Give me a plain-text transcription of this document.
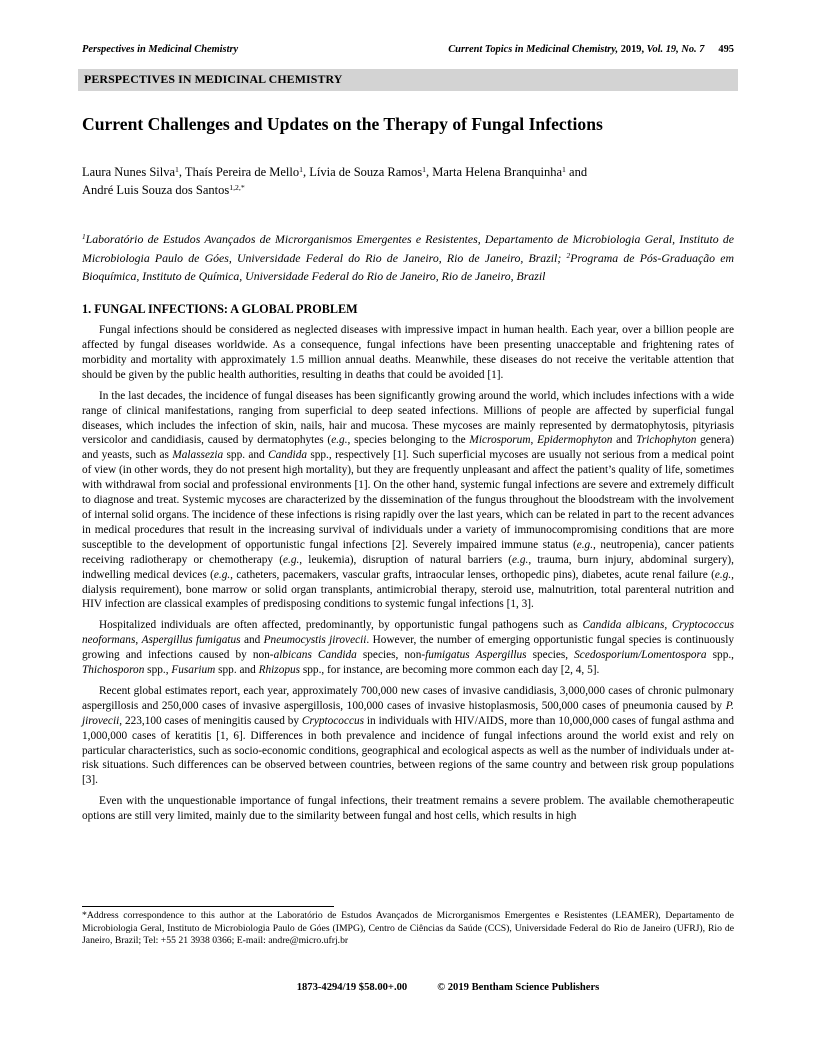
Perspectives in Medicinal Chemistry	Current Topics in Medicinal Chemistry, 2019, Vol. 19, No. 7 495
PERSPECTIVES IN MEDICINAL CHEMISTRY
Current Challenges and Updates on the Therapy of Fungal Infections

Laura Nunes Silva$^1$, Thaís Pereira de Mello$^1$, Lívia de Souza Ramos$^1$, Marta Helena Branquinha$^1$ and
André Luis Souza dos Santos$^{1,2,*}$

$^1$Laboratório de Estudos Avançados de Microrganismos Emergentes e Resistentes, Departamento de Microbiologia Geral, Instituto de Microbiologia Paulo de Góes, Universidade Federal do Rio de Janeiro, Rio de Janeiro, Brazil; $^2$Programa de Pós-Graduação em Bioquímica, Instituto de Química, Universidade Federal do Rio de Janeiro, Rio de Janeiro, Brazil

1. FUNGAL INFECTIONS: A GLOBAL PROBLEM

Fungal infections should be considered as neglected diseases with impressive impact in human health. Each year, over a billion people are affected by fungal diseases worldwide. As a consequence, fungal infections have been presenting unacceptable and frightening rates of morbidity and mortality with approximately 1.5 million annual deaths. Meanwhile, these diseases do not receive the veritable attention that should be given by the public health authorities, resulting in deaths that could be avoided [1].

In the last decades, the incidence of fungal diseases has been significantly growing around the world, which includes infections with a wide range of clinical manifestations, ranging from superficial to deep seated infections. Millions of people are affected by superficial fungal diseases, which includes the infection of skin, nails, hair and mucosa. These mycoses are mainly represented by dermatophytosis, pityriasis versicolor and candidiasis, caused by dermatophytes (e.g., species belonging to the Microsporum, Epidermophyton and Trichophyton genera) and yeasts, such as Malassezia spp. and Candida spp., respectively [1]. Such superficial mycoses are usually not serious from a medical point of view (in other words, they do not present high mortality), but they are frequently unpleasant and affect the patient’s quality of life, sometimes with withdrawal from social and professional environments [1]. On the other hand, systemic fungal infections are severe and extremely difficult to diagnose and treat. Systemic mycoses are characterized by the dissemination of the fungus throughout the bloodstream with the involvement of internal solid organs. The incidence of these infections is rising rapidly over the last years, which can be related in part to the recent advances in medical procedures that result in the increasing survival of individuals under a variety of immunocompromising conditions that are more susceptible to the development of opportunistic fungal infections [2]. Severely impaired immune status (e.g., neutropenia), cancer patients receiving radiotherapy or chemotherapy (e.g., leukemia), disruption of natural barriers (e.g., trauma, burn injury, abdominal surgery), indwelling medical devices (e.g., catheters, pacemakers, vascular grafts, intraocular lenses, orthopedic pins), diabetes, acute renal failure (e.g., dialysis requirement), bone marrow or solid organ transplants, antimicrobial therapy, steroid use, malnutrition, total parenteral nutrition and HIV infection are classical examples of predisposing conditions to systemic fungal infections [1, 3].

Hospitalized individuals are often affected, predominantly, by opportunistic fungal pathogens such as Candida albicans, Cryptococcus neoformans, Aspergillus fumigatus and Pneumocystis jirovecii. However, the number of emerging opportunistic fungal species is continuously growing and infections caused by non-albicans Candida species, non-fumigatus Aspergillus species, Scedosporium/Lomentospora spp., Thichosporon spp., Fusarium spp. and Rhizopus spp., for instance, are becoming more common each day [2, 4, 5].

Recent global estimates report, each year, approximately 700,000 new cases of invasive candidiasis, 3,000,000 cases of chronic pulmonary aspergillosis and 250,000 cases of invasive aspergillosis, 100,000 cases of invasive histoplasmosis, 500,000 cases of pneumonia caused by P. jirovecii, 223,100 cases of meningitis caused by Cryptococcus in individuals with HIV/AIDS, more than 10,000,000 cases of fungal asthma and 1,000,000 cases of keratitis [1, 6]. Differences in both prevalence and incidence of fungal infections around the world exist and rely on particular characteristics, such as socio-economic conditions, geographical and ecological aspects as well as the number of individuals under at-risk situations. Such differences can be observed between countries, between regions of the same country and between risk group populations [3].

Even with the unquestionable importance of fungal infections, their treatment remains a severe problem. The available chemotherapeutic options are still very limited, mainly due to the similarity between fungal and host cells, which results in high

*Address correspondence to this author at the Laboratório de Estudos Avançados de Microrganismos Emergentes e Resistentes (LEAMER), Departamento de Microbiologia Geral, Instituto de Microbiologia Paulo de Góes (IMPG), Centro de Ciências da Saúde (CCS), Universidade Federal do Rio de Janeiro (UFRJ), Rio de Janeiro, Brazil; Tel: +55 21 3938 0366; E-mail: andre@micro.ufrj.br

1873-4294/19 $58.00+.00	© 2019 Bentham Science Publishers
